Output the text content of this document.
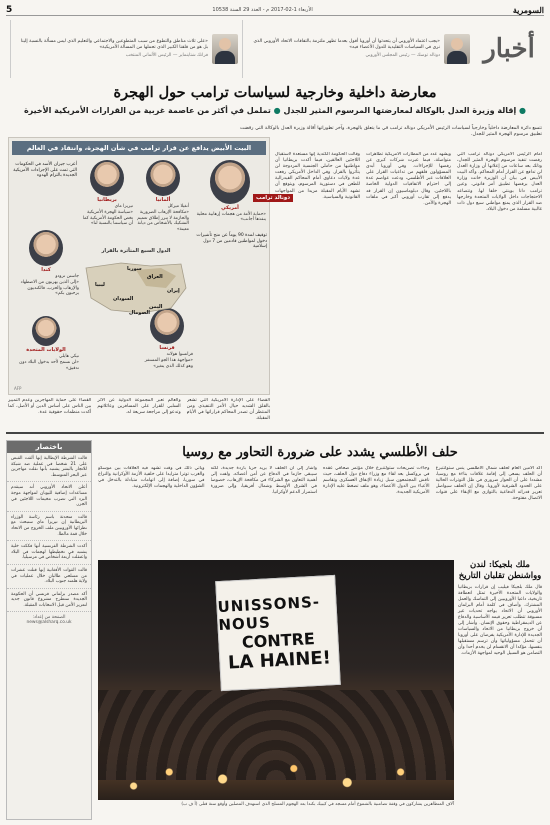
السومرية
الأربعاء 1-02-2017 م - العدد 29 السنة 10538
5
أخبار
«يجب اعتماد الأوروبي أن يتحدثوا أن أوروبا أقول بعدما تظهر ملتزمة بالتفاقات الاتحاد الأوروبي الذي نرى في السياسات التقليدية للدول الأعضاء فيه»
دونالد توسك — رئيس المجلس الأوروبي
«على ثلاث مناطق والتطوع من سبب المتطوعين والاجتماعي والتعليم الذي ليس مسألة بالنسبة إلينا بل هو من قلقنا الكبير الذي تحملها من المسألة الأمريكية»
فرانك شتاينماير — الرئيس الألماني المنتخب
معارضة داخلية وخارجية لسياسات ترامب حول الهجرة
● إقالة وزيرة العدل بالوكالة لمعارضتها المرسوم المثير للجدل ● تململ في أكثر من عاصمة غربية من القرارات الأمريكية الأخيرة
تتسع دائرة المعارضة داخلياً وخارجياً لسياسات الرئيس الأمريكي دونالد ترامب في ما يتعلق بالهجرة، وآخر تطوراتها أقالة وزيرة العدل بالوكالة التي رفضت تطبيق مرسوم الهجرة المثير للجدل.
البيت الأبيض يدافع عن قرار ترامب في شأن الهجرة، وانتقاد في العالم
أمريكي
«حماية الأمة من هجمات إرهابية محلية ينفذها أجانب»
توقيف لمدة 90 يوماً عن منح تأشيرات دخول لمواطنين قادمين من 7 دول إسلامية
ألمانيا
أنغيلا ميركل
«مكافحة الإرهاب الضرورية والحازمة لا تبرر إطلاق تعميم التشكيك بالأشخاص من ديانة معينة»
بريطانيا
تيريزا ماي
«سياسة الهجرة الأمريكية تخص الحكومة الأمريكية كما أن سياستنا بالنسبة لنا»
أعرب جيران الأسد في الحكومات التي تمت على الإجراءات الأمريكية الجديدة بالتزام الهدوء
كندا
جاستن ترودو
«إلى الذين يهربون من الاضطهاد والإرهاب والحرب، فالكنديون يرحبون بكم»
الولايات المتحدة
نيكي هايلي
«لن نسمح لأحد بدخول البلاد دون تدقيق»
فرنسا
فرانسوا هولاند
«مواجهة هذا الجو المستفز وهو كذلك الذي يتغير»
الدول السبع المتأثرة بالقرار
سوريا
العراق
إيران
ليبيا
السودان
اليمن
الصومال
AFP
دونالد ترامب
أمام الرئيس الأمريكي دونالد ترامب التي رفضت تنفيذ مرسوم الهجرة المثير للجدل، وذلك بعد ساعات من إعلانها أن وزارة العدل لن تدافع عن القرار أمام المحاكم. وأكد البيت الأبيض في بيان أن الوزيرة خانت وزارة العدل برفضها تطبيق أمر قانوني. وعين ترامب دانا بوينتي خلفا لها. وتتصاعد الاحتجاجات داخل الولايات المتحدة وخارجها ضد القرار الذي يمنع مواطني سبع دول ذات غالبية مسلمة من دخول البلاد.
ويشهد عدد من المطارات الأمريكية تظاهرات متواصلة، فيما عبرت شركات كبرى عن رفضها للإجراءات. وفي أوروبا أبدى المسؤولون قلقهم من تداعيات القرار على العلاقات عبر الأطلسي، ودعت عواصم عدة إلى احترام الاتفاقيات الدولية الخاصة باللاجئين. وقال دبلوماسيون إن القرار قد يدفع إلى تقارب أوروبي أكبر في ملفات الهجرة والأمن.
وقالت الحكومة الكندية إنها مستعدة لاستقبال اللاجئين العالقين، فيما أكدت بريطانيا أن مواطنيها من حاملي الجنسية المزدوجة لن يتأثروا بالقرار. وفي الداخل الأمريكي رفعت عدة ولايات دعاوى أمام المحاكم الفيدرالية للطعن في دستورية المرسوم، ويتوقع أن تشهد الأيام المقبلة مزيدا من المواجهات القانونية والسياسية.
القضاء على الإدارة الأمريكية التي تشعر بالقلق الشديد حيال الأمر التنفيذي ومن المنتظر أن تصدر المحاكم قراراتها في الأيام المقبلة.
والعالم تعبر المجموعة الدولية عن الأثر السلبي للقرار على المسافرين وعائلاتهم وتدعو إلى مراجعة سريعة له.
القضاء على حماية المهاجرين وعدم التمييز بين الناس على أساس الدين أو الأصل، كما أكدت منظمات حقوقية عدة.
باختصار
قالت الشرطة الإيطالية إنها ألقت القبض على 21 شخصا في عملية ضد شبكة للاتجار بالبشر يشتبه بأنها نقلت مهاجرين عبر البحر المتوسط.
أعلن الاتحاد الأوروبي أنه سيقدم مساعدات إضافية لليونان لمواجهة موجة البرد التي تضرب مخيمات اللاجئين في الجزر.
قالت متحدثة باسم رئاسة الوزراء البريطانية إن تيريزا ماي ستبحث مع نظرائها الأوروبيين ملف الخروج من الاتحاد خلال قمة مالطا.
أكدت الشرطة الفرنسية أنها فككت خلية يشتبه في تخطيطها لهجمات في البلاد واعتقلت أربعة أشخاص في مرسيليا.
قالت القوات الأفغانية إنها قتلت عشرات من مسلحي طالبان خلال عمليات في ولاية هلمند جنوب البلاد.
أكد مصدر برلماني فرنسي أن الحكومة الجديدة ستطرح مشروع قانون جديد لتعزيز الأمن قبل الانتخابات المقبلة.
الصفحة من إعداد: news@alsharq.co.uk
حلف الأطلسي يشدد على ضرورة التحاور مع روسيا
أكد الأمين العام لحلف شمال الأطلسي ينس ستولتنبرغ أن الحلف يسعى إلى إقامة علاقات بناءة مع روسيا، مشددا على أن الحوار ضروري في ظل التوترات الحالية على الحدود الشرقية لأوروبا. وقال إن الحلف سيواصل تعزيز قدراته الدفاعية بالتوازي مع الإبقاء على قنوات الاتصال مفتوحة.
وجاءت تصريحات ستولتنبرغ خلال مؤتمر صحافي عقده في بروكسل بعد لقاء مع وزراء دفاع دول الحلف، حيث ناقش المجتمعون سبل زيادة الإنفاق العسكري وتقاسم الأعباء بين الدول الأعضاء، وهو ملف تضغط عليه الإدارة الأمريكية الجديدة.
وأشار إلى أن الحلف لا يريد حربا باردة جديدة، لكنه سيبقى حازما في الدفاع عن أمن أعضائه. ولفت إلى أهمية التعاون مع الشركاء في مكافحة الإرهاب، خصوصا في الشرق الأوسط وشمال أفريقيا، وإلى ضرورة استمرار الدعم لأوكرانيا.
ويأتي ذلك في وقت تشهد فيه العلاقات بين موسكو والغرب توترا متزايدا على خلفية الأزمة الأوكرانية والنزاع في سوريا، إضافة إلى اتهامات متبادلة بالتدخل في الشؤون الداخلية والهجمات الإلكترونية.
UNISSONS-NOUS
CONTRE
LA HAINE!
آلاف المتظاهرين يشاركون في وقفة تضامنية بالشموع أمام مسجد في كيبيك بكندا بعد الهجوم المسلح الذي استهدف المصلين وأوقع ستة قتلى (أ ف ب)
ملك بلجيكا: لندن وواشنطن تقلبان التاريخ
قال ملك بلجيكا فيليب إن قرارات بريطانيا والولايات المتحدة الأخيرة تمثل انعطافة تاريخية، داعيا الأوروبيين إلى التماسك والعمل المشترك. وأضاف في كلمة أمام البرلمان الأوروبي أن الاتحاد يواجه تحديات غير مسبوقة تتطلب تعزيز قيمه الأساسية والدفاع عن الديمقراطية وحقوق الإنسان. وأشار إلى أن خروج بريطانيا من الاتحاد والسياسات الجديدة للإدارة الأمريكية يفرضان على أوروبا أن تتحمل مسؤولياتها وأن ترسم مستقبلها بنفسها، مؤكدا أن الانقسام لن يخدم أحدا وأن التضامن هو السبيل الوحيد لمواجهة الأزمات.
